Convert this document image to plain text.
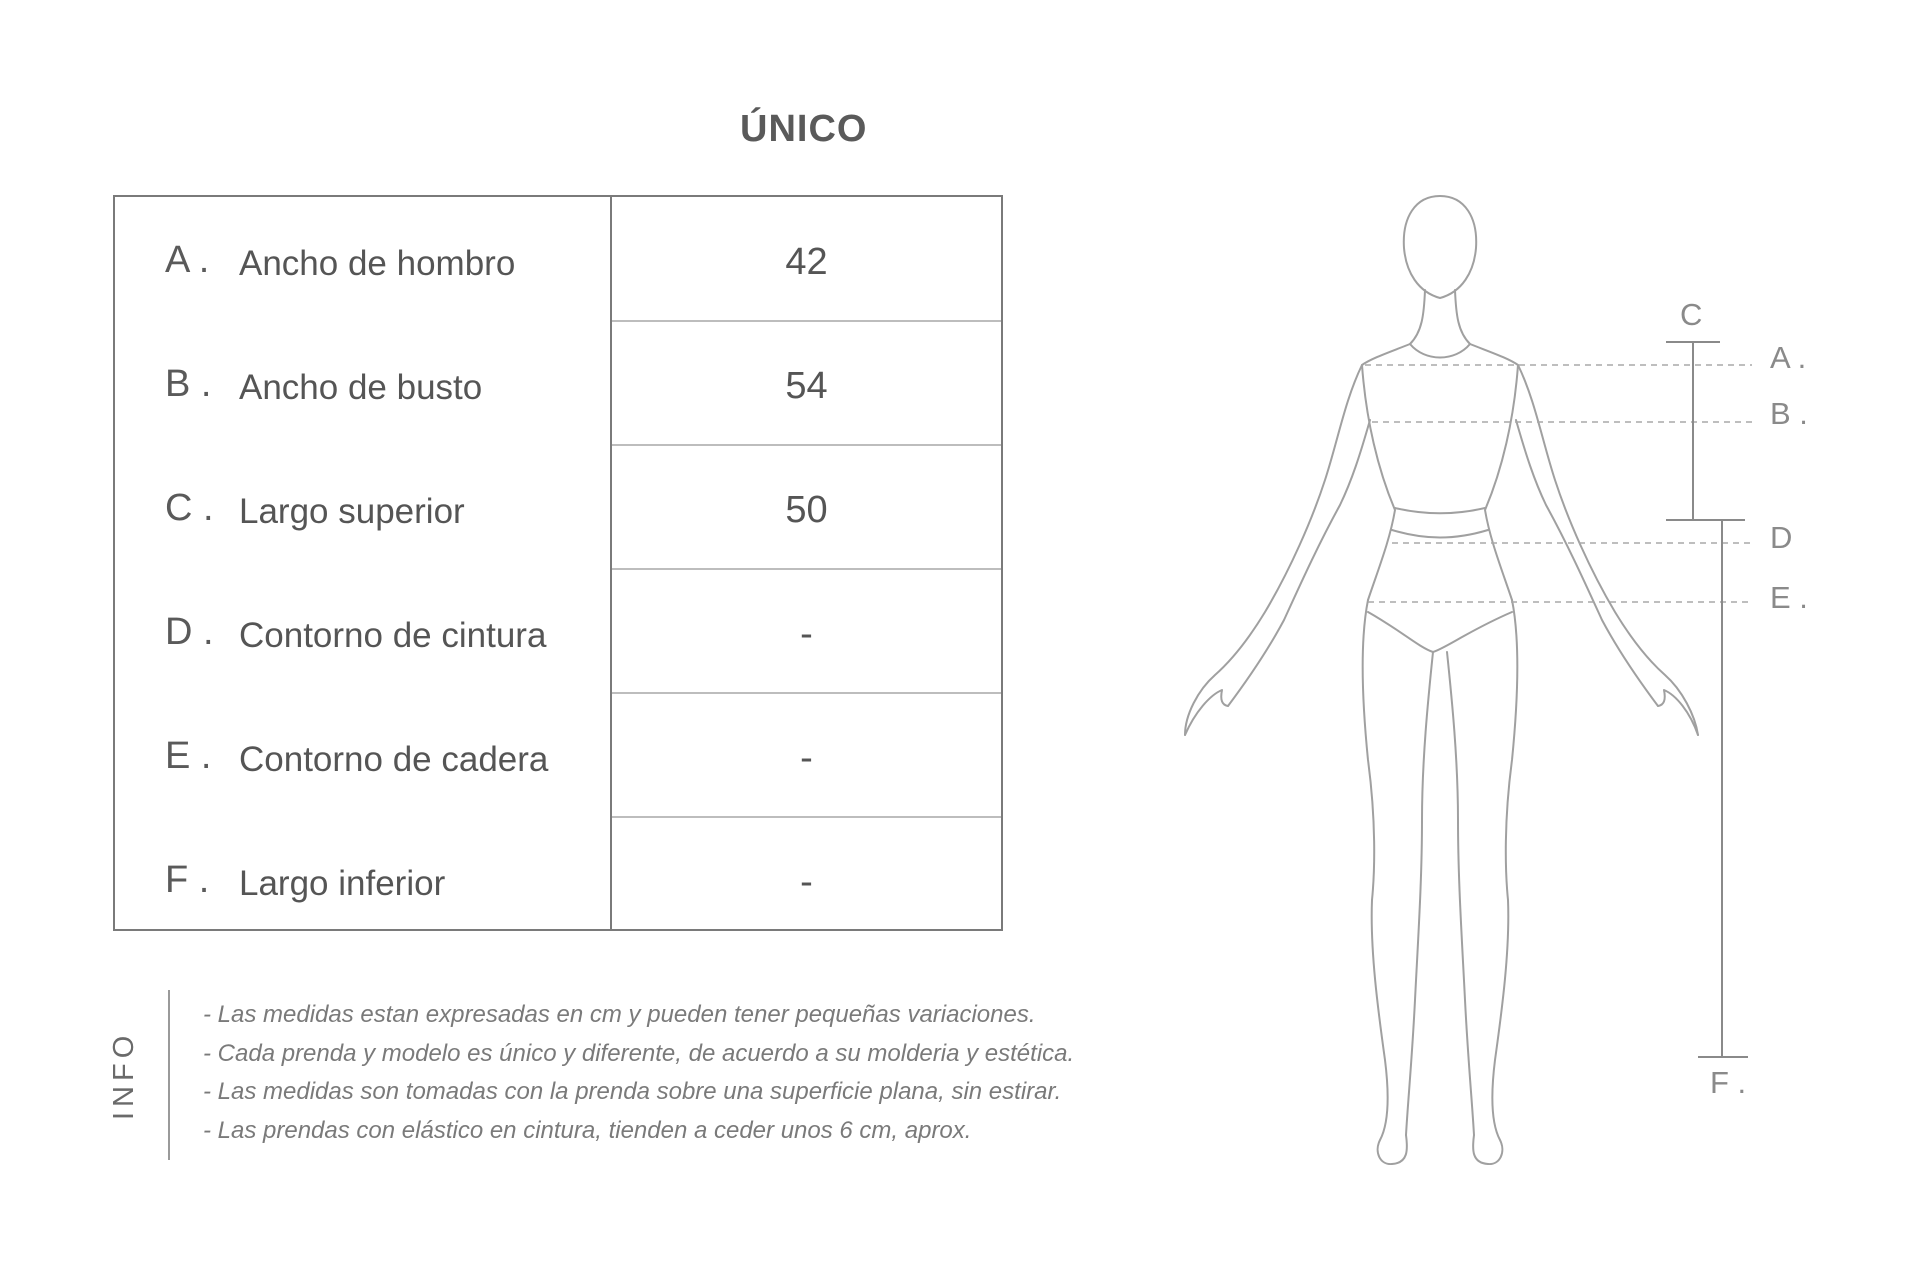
ÚNICO
A . Ancho de hombro	42
B . Ancho de busto	54
C . Largo superior	50
D . Contorno de cintura	-
E . Contorno de cadera	-
F . Largo inferior	-
INFO
- Las medidas estan expresadas en cm y pueden tener pequeñas variaciones.
- Cada prenda y modelo es único y diferente, de acuerdo a su molderia y estética.
- Las medidas son tomadas con la prenda sobre una superficie plana, sin estirar.
- Las prendas con elástico en cintura, tienden a ceder unos 6 cm, aprox.
C
A .
B .
D
E .
F .
